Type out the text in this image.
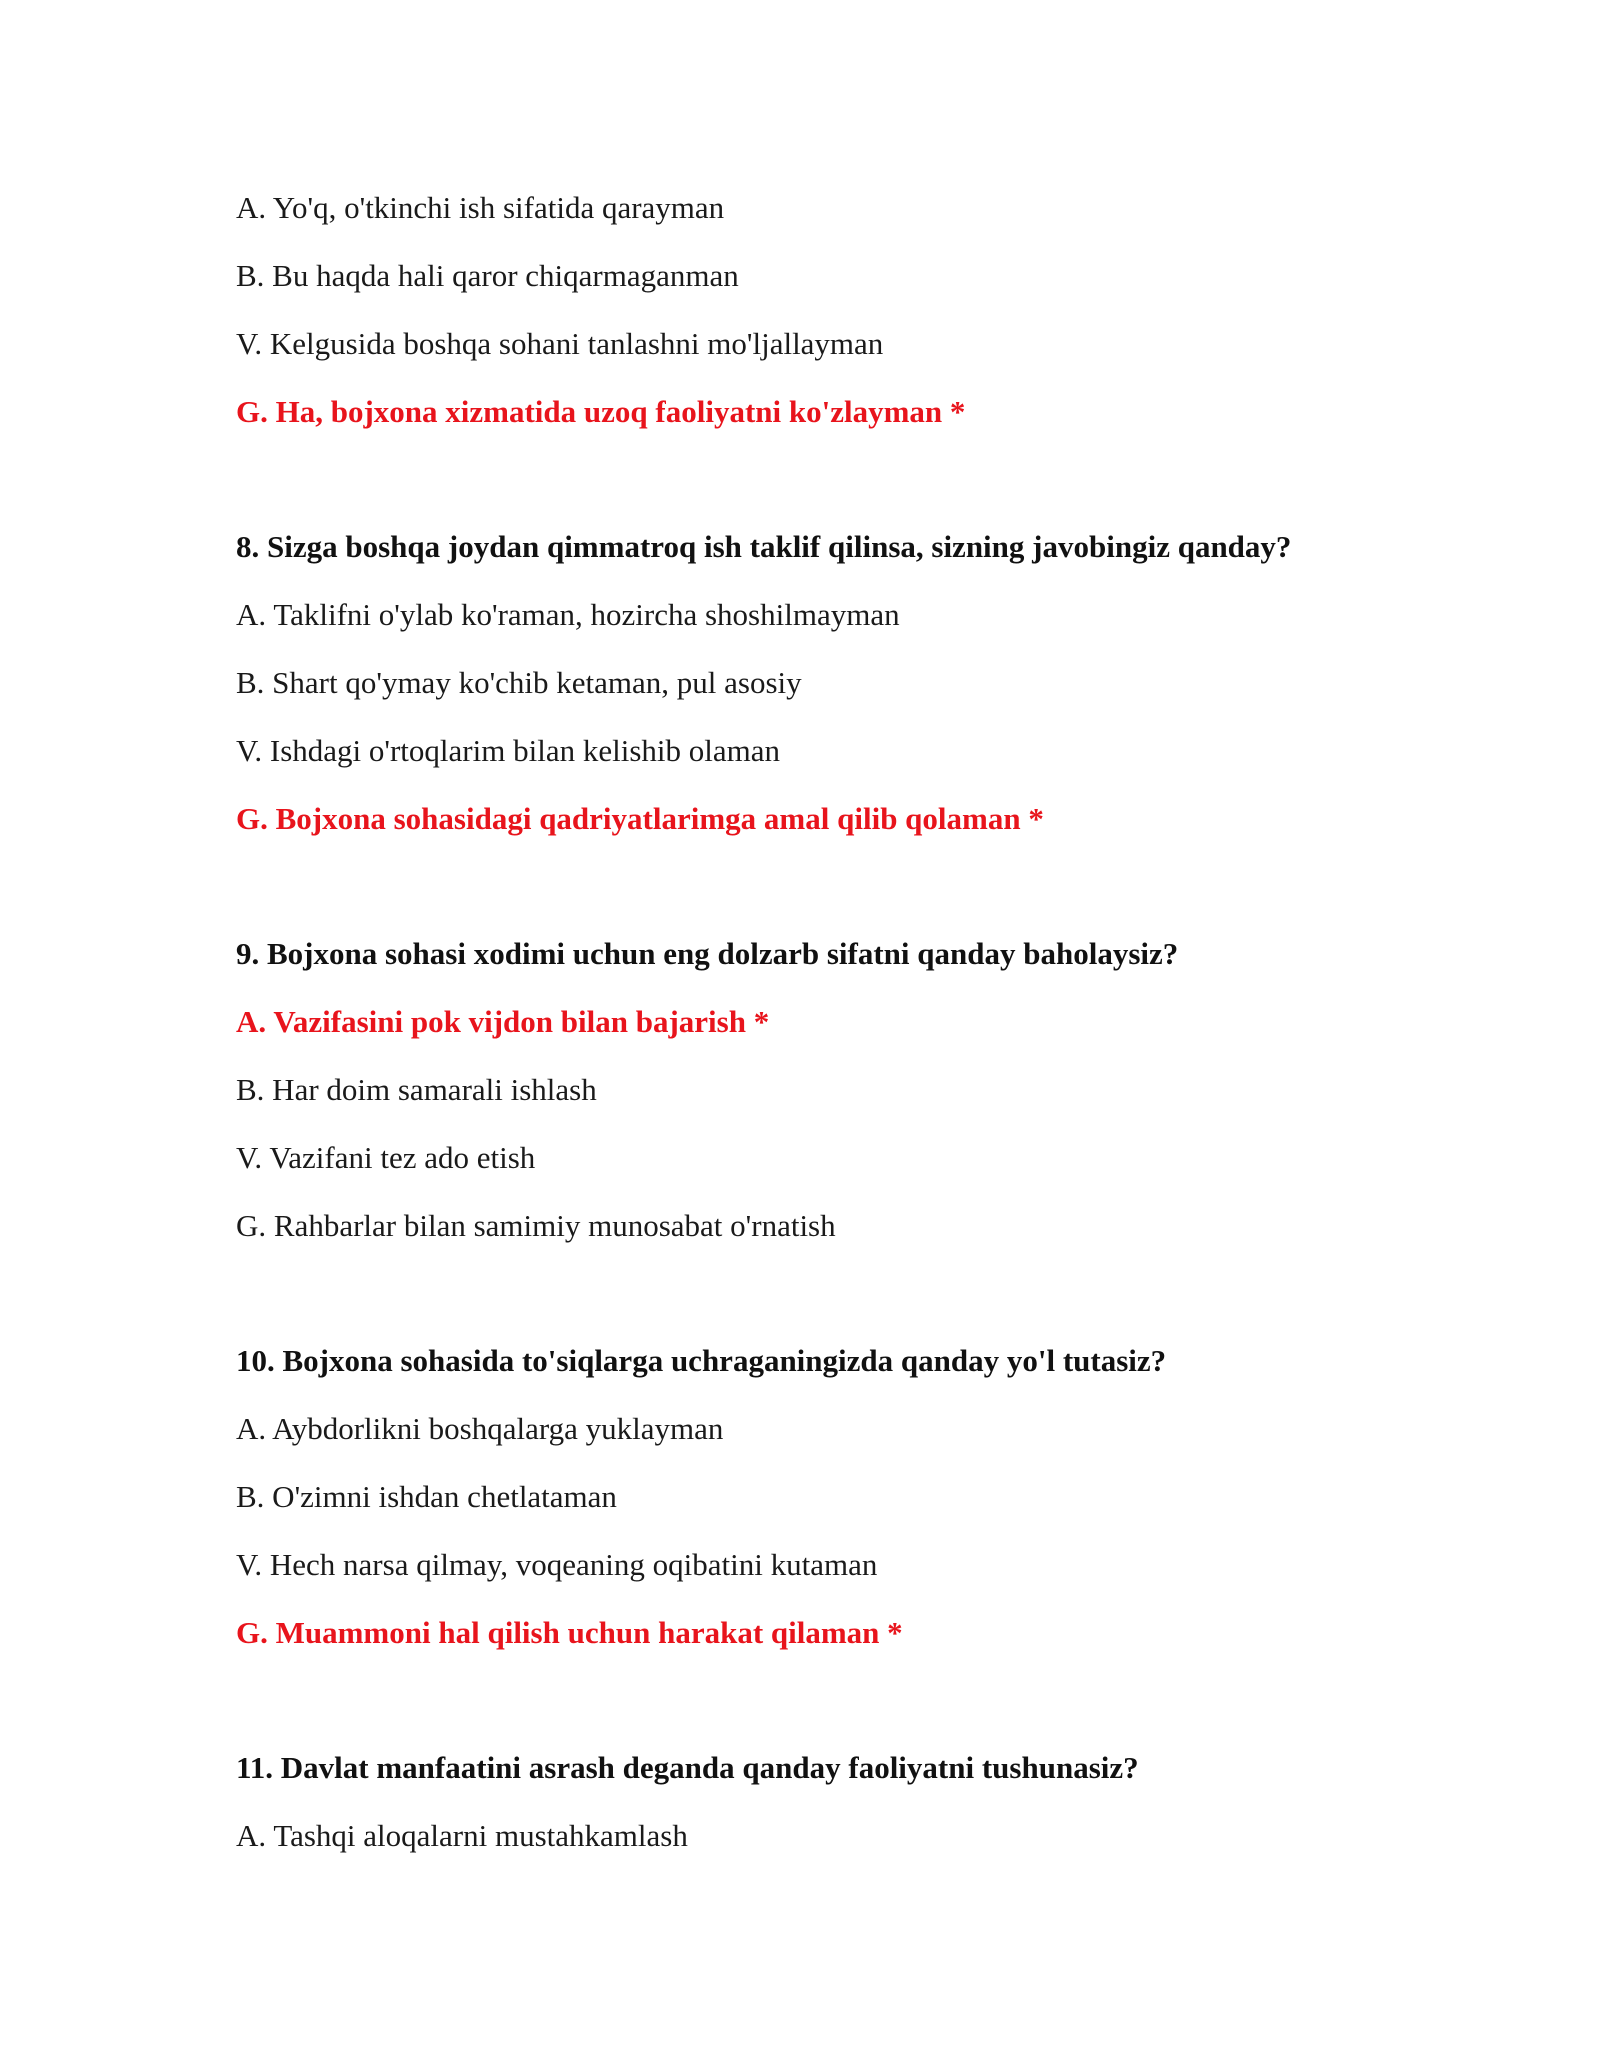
A. Yo'q, o'tkinchi ish sifatida qarayman
B. Bu haqda hali qaror chiqarmaganman
V. Kelgusida boshqa sohani tanlashni mo'ljallayman
G. Ha, bojxona xizmatida uzoq faoliyatni ko'zlayman *
8. Sizga boshqa joydan qimmatroq ish taklif qilinsa, sizning javobingiz qanday?
A. Taklifni o'ylab ko'raman, hozircha shoshilmayman
B. Shart qo'ymay ko'chib ketaman, pul asosiy
V. Ishdagi o'rtoqlarim bilan kelishib olaman
G. Bojxona sohasidagi qadriyatlarimga amal qilib qolaman *
9. Bojxona sohasi xodimi uchun eng dolzarb sifatni qanday baholaysiz?
A. Vazifasini pok vijdon bilan bajarish *
B. Har doim samarali ishlash
V. Vazifani tez ado etish
G. Rahbarlar bilan samimiy munosabat o'rnatish
10. Bojxona sohasida to'siqlarga uchraganingizda qanday yo'l tutasiz?
A. Aybdorlikni boshqalarga yuklayman
B. O'zimni ishdan chetlataman
V. Hech narsa qilmay, voqeaning oqibatini kutaman
G. Muammoni hal qilish uchun harakat qilaman *
11. Davlat manfaatini asrash deganda qanday faoliyatni tushunasiz?
A. Tashqi aloqalarni mustahkamlash
